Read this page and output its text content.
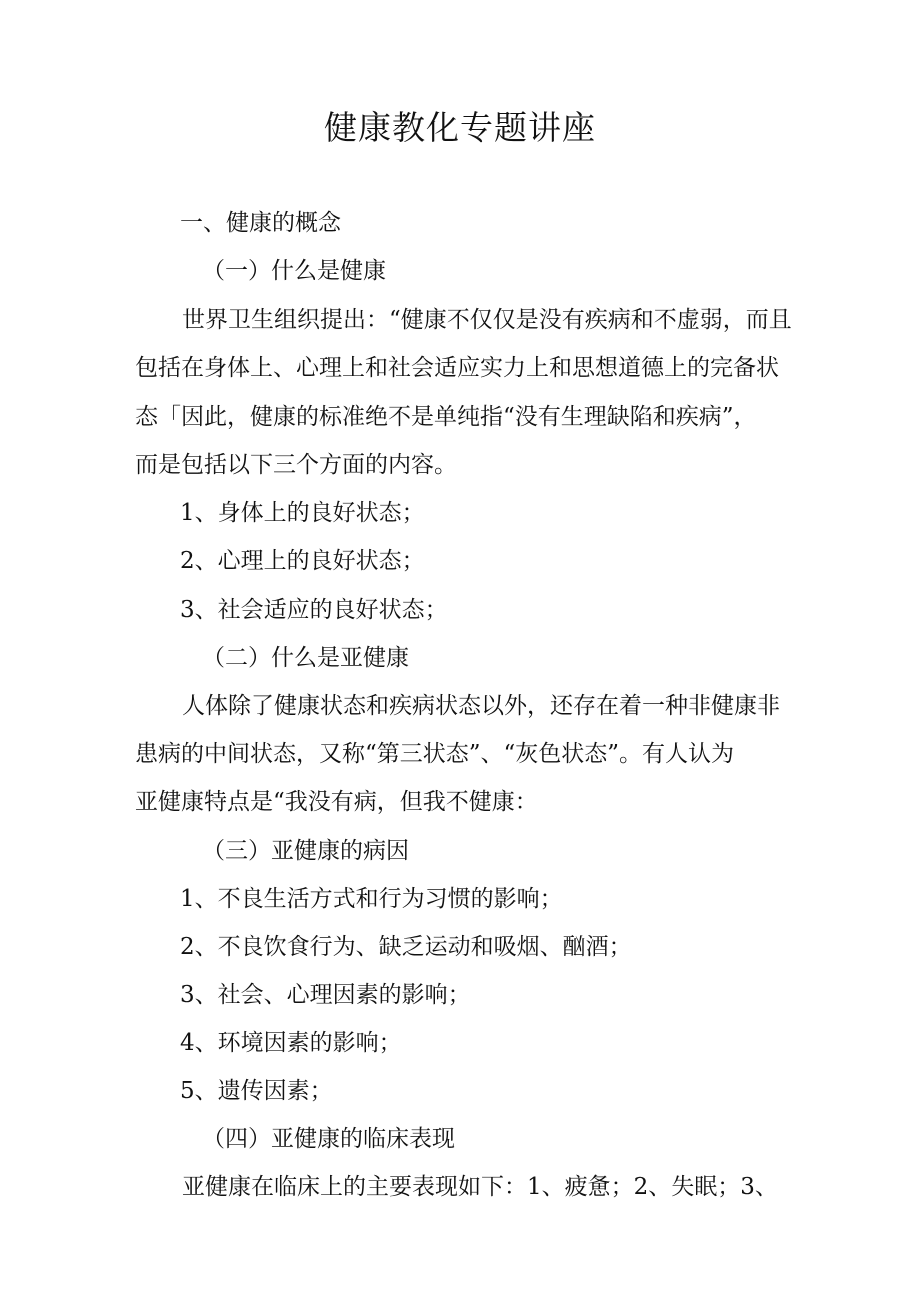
健康教化专题讲座
一、健康的概念
（一）什么是健康
世界卫生组织提出：“健康不仅仅是没有疾病和不虚弱，而且
包括在身体上、心理上和社会适应实力上和思想道德上的完备状
态「因此，健康的标准绝不是单纯指“没有生理缺陷和疾病”，
而是包括以下三个方面的内容。
1、身体上的良好状态；
2、心理上的良好状态；
3、社会适应的良好状态；
（二）什么是亚健康
人体除了健康状态和疾病状态以外，还存在着一种非健康非
患病的中间状态，又称“第三状态”、“灰色状态”。有人认为
亚健康特点是“我没有病，但我不健康：
（三）亚健康的病因
1、不良生活方式和行为习惯的影响；
2、不良饮食行为、缺乏运动和吸烟、酗酒；
3、社会、心理因素的影响；
4、环境因素的影响；
5、遗传因素；
（四）亚健康的临床表现
亚健康在临床上的主要表现如下：1、疲惫；2、失眠；3、
